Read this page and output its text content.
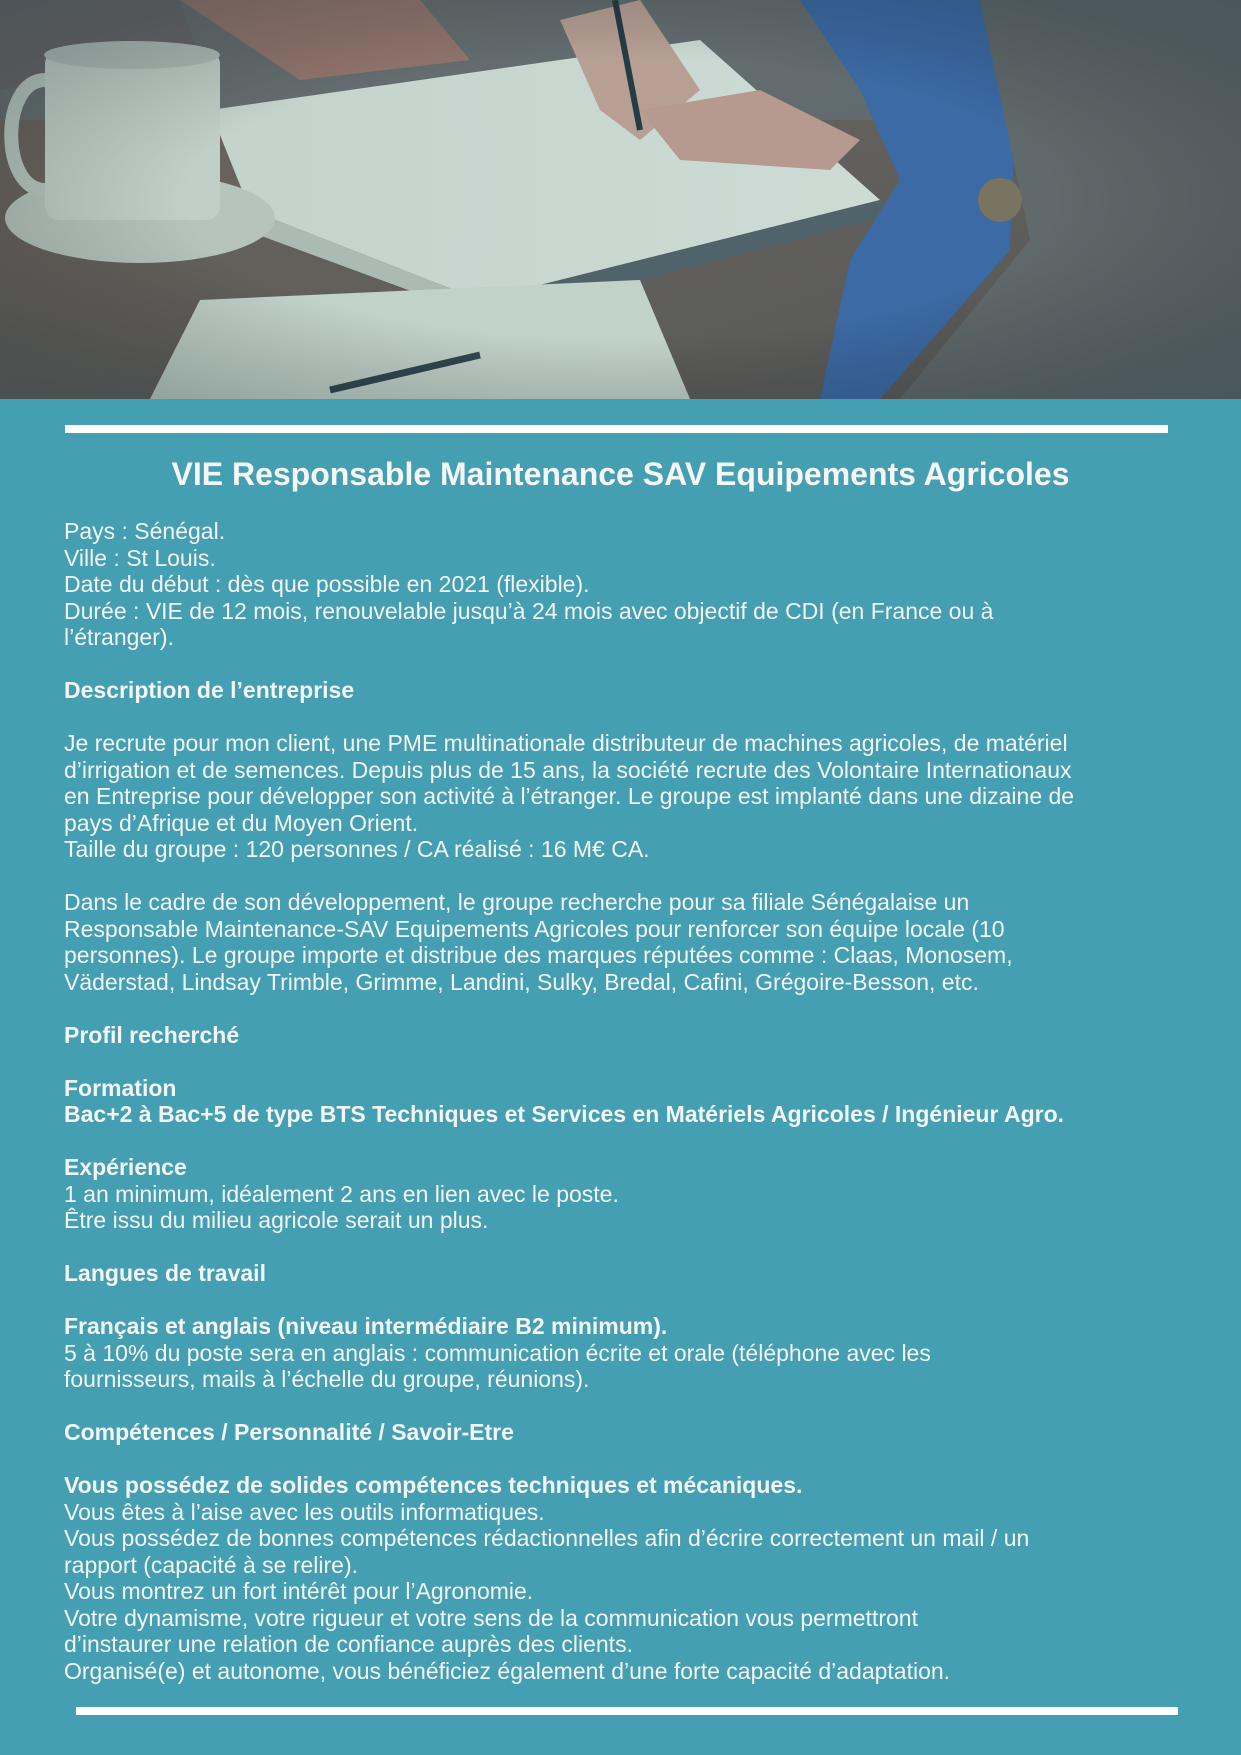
VIE Responsable Maintenance SAV Equipements Agricoles

Pays : Sénégal.

Ville : St Louis.

Date du début : dès que possible en 2021 (flexible).

Durée : VIE de 12 mois, renouvelable jusqu’à 24 mois avec objectif de CDI (en France ou à

l’étranger).

Description de l’entreprise

Je recrute pour mon client, une PME multinationale distributeur de machines agricoles, de matériel

d’irrigation et de semences. Depuis plus de 15 ans, la société recrute des Volontaire Internationaux

en Entreprise pour développer son activité à l’étranger. Le groupe est implanté dans une dizaine de

pays d’Afrique et du Moyen Orient.

Taille du groupe : 120 personnes / CA réalisé : 16 M€ CA.

Dans le cadre de son développement, le groupe recherche pour sa filiale Sénégalaise un

Responsable Maintenance-SAV Equipements Agricoles pour renforcer son équipe locale (10

personnes). Le groupe importe et distribue des marques réputées comme : Claas, Monosem,

Väderstad, Lindsay Trimble, Grimme, Landini, Sulky, Bredal, Cafini, Grégoire-Besson, etc.

Profil recherché

Formation

Bac+2 à Bac+5 de type BTS Techniques et Services en Matériels Agricoles / Ingénieur Agro.

Expérience

1 an minimum, idéalement 2 ans en lien avec le poste.

Être issu du milieu agricole serait un plus.

Langues de travail

Français et anglais (niveau intermédiaire B2 minimum).

5 à 10% du poste sera en anglais : communication écrite et orale (téléphone avec les

fournisseurs, mails à l’échelle du groupe, réunions).

Compétences / Personnalité / Savoir-Etre

Vous possédez de solides compétences techniques et mécaniques.

Vous êtes à l’aise avec les outils informatiques.

Vous possédez de bonnes compétences rédactionnelles afin d’écrire correctement un mail / un

rapport (capacité à se relire).

Vous montrez un fort intérêt pour l’Agronomie.

Votre dynamisme, votre rigueur et votre sens de la communication vous permettront

d’instaurer une relation de confiance auprès des clients.

Organisé(e) et autonome, vous bénéficiez également d’une forte capacité d’adaptation.
